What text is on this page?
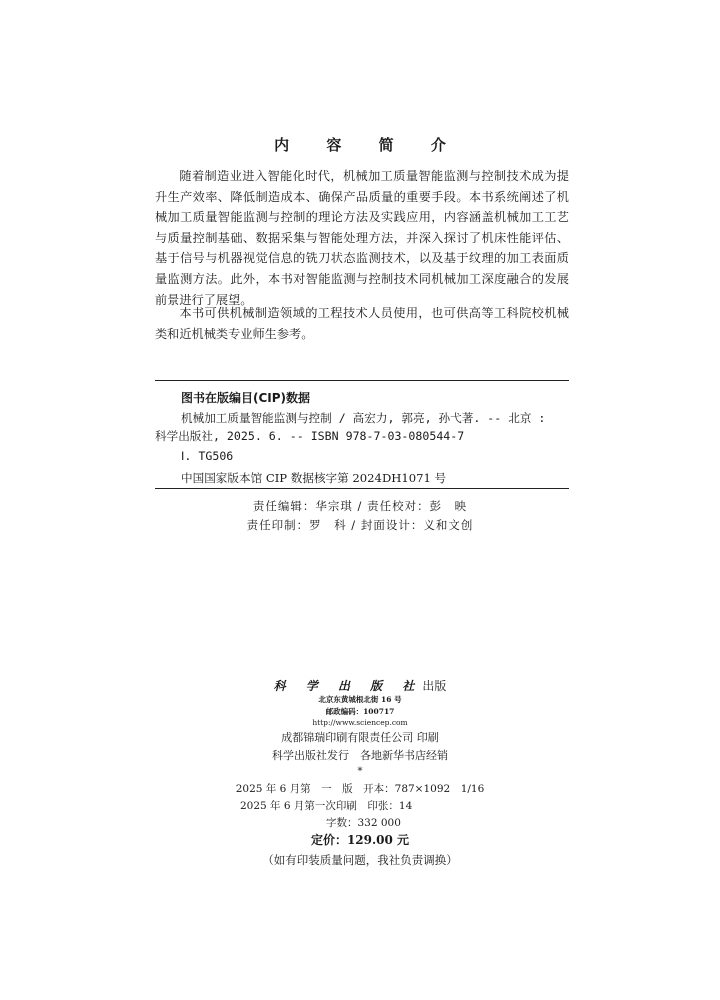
内 容 简 介
随着制造业进入智能化时代，机械加工质量智能监测与控制技术成为提升生产效率、降低制造成本、确保产品质量的重要手段。本书系统阐述了机械加工质量智能监测与控制的理论方法及实践应用，内容涵盖机械加工工艺与质量控制基础、数据采集与智能处理方法，并深入探讨了机床性能评估、基于信号与机器视觉信息的铣刀状态监测技术，以及基于纹理的加工表面质量监测方法。此外，本书对智能监测与控制技术同机械加工深度融合的发展前景进行了展望。
本书可供机械制造领域的工程技术人员使用，也可供高等工科院校机械类和近机械类专业师生参考。
图书在版编目(CIP)数据
机械加工质量智能监测与控制 / 高宏力, 郭亮, 孙弋著. -- 北京 :
科学出版社, 2025. 6. -- ISBN 978-7-03-080544-7
Ⅰ. TG506
中国国家版本馆 CIP 数据核字第 2024DH1071 号
责任编辑：华宗琪 / 责任校对：彭　映
责任印制：罗　科 / 封面设计：义和文创
科 学 出 版 社出版
北京东黄城根北街 16 号
邮政编码：100717
http://www.sciencep.com
成都锦瑞印刷有限责任公司 印刷
科学出版社发行　各地新华书店经销
*
2025 年 6 月第　一　版　开本：787×1092　1/16
2025 年 6 月第一次印刷　印张：14
字数：332 000
定价：129.00 元
（如有印装质量问题，我社负责调换）
